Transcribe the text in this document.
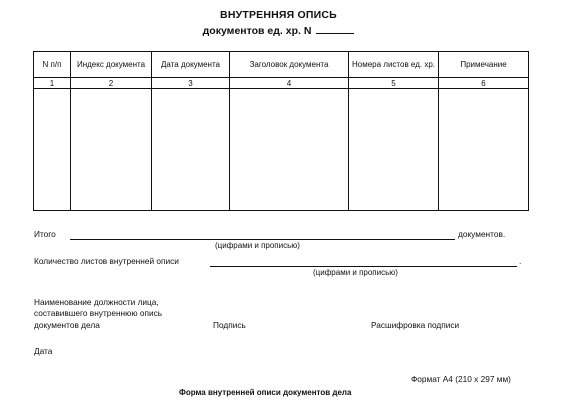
ВНУТРЕННЯЯ ОПИСЬ
документов ед. хр. N
N п/п	Индекс документа	Дата документа	Заголовок документа	Номера листов ед. хр.	Примечание
1	2	3	4	5	6

Итого	документов.
(цифрами и прописью)
Количество листов внутренней описи	.
(цифрами и прописью)
Наименование должности лица,
составившего внутреннюю опись
документов дела	Подпись	Расшифровка подписи
Дата
Формат А4 (210 х 297 мм)
Форма внутренней описи документов дела
